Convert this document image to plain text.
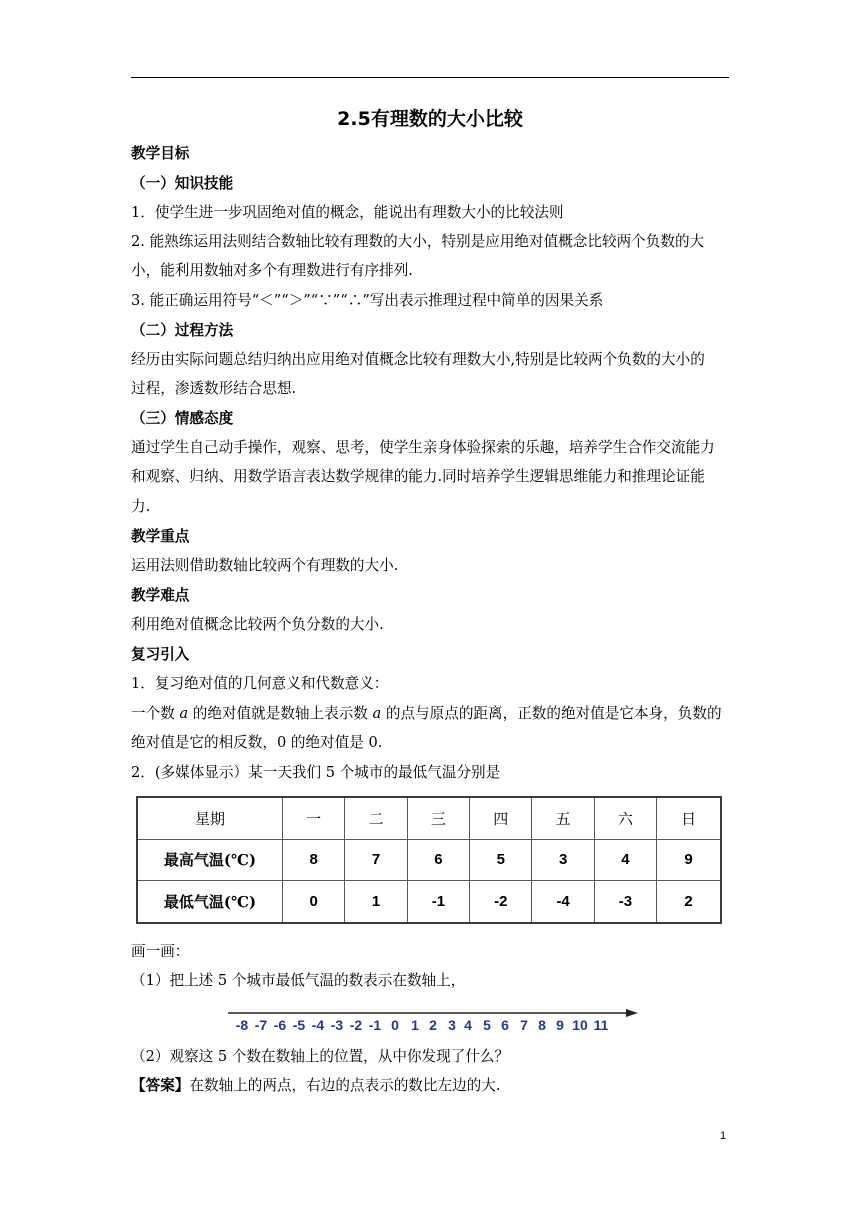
2.5有理数的大小比较
教学目标
（一）知识技能
1．使学生进一步巩固绝对值的概念，能说出有理数大小的比较法则
2. 能熟练运用法则结合数轴比较有理数的大小，特别是应用绝对值概念比较两个负数的大
小，能利用数轴对多个有理数进行有序排列.
3. 能正确运用符号“＜”“＞”“∵”“∴”写出表示推理过程中简单的因果关系
（二）过程方法
经历由实际问题总结归纳出应用绝对值概念比较有理数大小,特别是比较两个负数的大小的
过程，渗透数形结合思想.
（三）情感态度
通过学生自己动手操作，观察、思考，使学生亲身体验探索的乐趣，培养学生合作交流能力
和观察、归纳、用数学语言表达数学规律的能力.同时培养学生逻辑思维能力和推理论证能
力.
教学重点
运用法则借助数轴比较两个有理数的大小.
教学难点
利用绝对值概念比较两个负分数的大小.
复习引入
1．复习绝对值的几何意义和代数意义：
一个数 a 的绝对值就是数轴上表示数 a 的点与原点的距离，正数的绝对值是它本身，负数的
绝对值是它的相反数，0 的绝对值是 0.
2．(多媒体显示）某一天我们 5 个城市的最低气温分别是
星期	一	二	三	四	五	六	日
最高气温(℃)	8	7	6	5	3	4	9
最低气温(℃)	0	1	-1	-2	-4	-3	2
画一画：
（1）把上述 5 个城市最低气温的数表示在数轴上，
-8 -7 -6 -5 -4 -3 -2 -1 0 1 2 3 4 5 6 7 8 9 10 11
（2）观察这 5 个数在数轴上的位置，从中你发现了什么？
【答案】在数轴上的两点，右边的点表示的数比左边的大.
1
